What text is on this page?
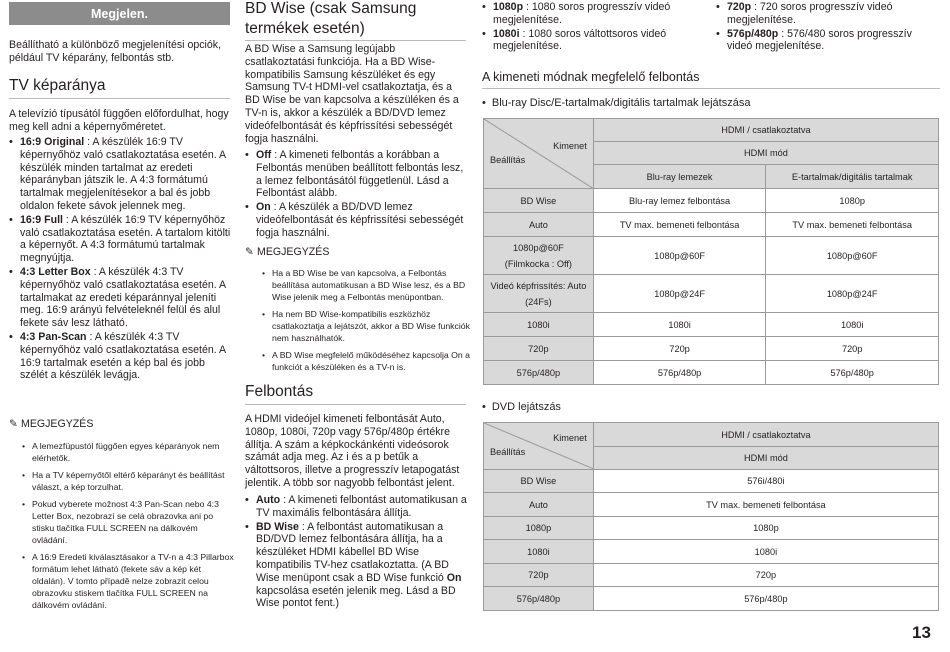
Megjelen.

Beállítható a különböző megjelenítési opciók, például TV képarány, felbontás stb.

TV képaránya

A televízió típusától függően előfordulhat, hogy meg kell adni a képernyőméretet.

• 16:9 Original : A készülék 16:9 TV képernyőhöz való csatlakoztatása esetén. A készülék minden tartalmat az eredeti képarányban játszik le. A 4:3 formátumú tartalmak megjelenítésekor a bal és jobb oldalon fekete sávok jelennek meg.
• 16:9 Full : A készülék 16:9 TV képernyőhöz való csatlakoztatása esetén. A tartalom kitölti a képernyőt. A 4:3 formátumú tartalmak megnyújtja.
• 4:3 Letter Box : A készülék 4:3 TV képernyőhöz való csatlakoztatása esetén. A tartalmakat az eredeti képaránnyal jeleníti meg. 16:9 arányú felvételeknél felül és alul fekete sáv lesz látható.
• 4:3 Pan-Scan : A készülék 4:3 TV képernyőhöz való csatlakoztatása esetén. A 16:9 tartalmak esetén a kép bal és jobb szélét a készülék levágja.
✎ MEGJEGYZÉS
• A lemezfüpustól függően egyes képarányok nem elérhetők.
• Ha a TV képernyőtől eltérő képarányt és beállítást választ, a kép torzulhat.
• Pokud vyberete možnost 4:3 Pan-Scan nebo 4:3 Letter Box, nezobrazí se celá obrazovka ani po stisku tlačítka FULL SCREEN na dálkovém ovládání.
• A 16:9 Eredeti kiválasztásakor a TV-n a 4:3 Pillarbox formátum lehet látható (fekete sáv a kép két oldalán). V tomto případě nelze zobrazit celou obrazovku stiskem tlačítka FULL SCREEN na dálkovém ovládání.
BD Wise (csak Samsung
termékek esetén)

A BD Wise a Samsung legújabb csatlakoztatási funkciója. Ha a BD Wise-kompatibilis Samsung készüléket és egy Samsung TV-t HDMI-vel csatlakoztatja, és a BD Wise be van kapcsolva a készüléken és a TV-n is, akkor a készülék a BD/DVD lemez videófelbontását és képfrissítési sebességét fogja használni.

• Off : A kimeneti felbontás a korábban a Felbontás menüben beállított felbontás lesz, a lemez felbontásától függetlenül. Lásd a Felbontást alább.
• On : A készülék a BD/DVD lemez videófelbontását és képfrissítési sebességét fogja használni.
✎ MEGJEGYZÉS
• Ha a BD Wise be van kapcsolva, a Felbontás beállítása automatikusan a BD Wise lesz, és a BD Wise jelenik meg a Felbontás menüpontban.
• Ha nem BD Wise-kompatibilis eszközhöz csatlakoztatja a lejátszót, akkor a BD Wise funkciók nem használhatók.
• A BD Wise megfelelő működéséhez kapcsolja On a funkciót a készüléken és a TV-n is.
Felbontás

A HDMI videójel kimeneti felbontását Auto, 1080p, 1080i, 720p vagy 576p/480p értékre állítja. A szám a képkockánkénti videósorok számát adja meg. Az i és a p betűk a váltottsoros, illetve a progresszív letapogatást jelentik. A több sor nagyobb felbontást jelent.

• Auto : A kimeneti felbontást automatikusan a TV maximális felbontására állítja.
• BD Wise : A felbontást automatikusan a BD/DVD lemez felbontására állítja, ha a készüléket HDMI kábellel BD Wise kompatibilis TV-hez csatlakoztatta. (A BD Wise menüpont csak a BD Wise funkció On kapcsolása esetén jelenik meg. Lásd a BD Wise pontot fent.)
• 1080p : 1080 soros progresszív videó megjelenítése.
• 1080i : 1080 soros váltottsoros videó megjelenítése.
• 720p : 720 soros progresszív videó megjelenítése.
• 576p/480p : 576/480 soros progresszív videó megjelenítése.
A kimeneti módnak megfelelő felbontás
• Blu-ray Disc/E-tartalmak/digitális tartalmak lejátszása
Kimenet
Beállítás	HDMI / csatlakoztatva	
	HDMI mód	
	Blu-ray lemezek	E-tartalmak/digitális tartalmak
BD Wise	Blu-ray lemez felbontása	1080p
Auto	TV max. bemeneti felbontása	TV max. bemeneti felbontása
1080p@60F
(Filmkocka : Off)	1080p@60F	1080p@60F
Videó képfrissítés: Auto
(24Fs)	1080p@24F	1080p@24F
1080i	1080i	1080i
720p	720p	720p
576p/480p	576p/480p	576p/480p
• DVD lejátszás
Kimenet
Beállítás	HDMI / csatlakoztatva
	HDMI mód
BD Wise	576i/480i
Auto	TV max. bemeneti felbontása
1080p	1080p
1080i	1080i
720p	720p
576p/480p	576p/480p
13
